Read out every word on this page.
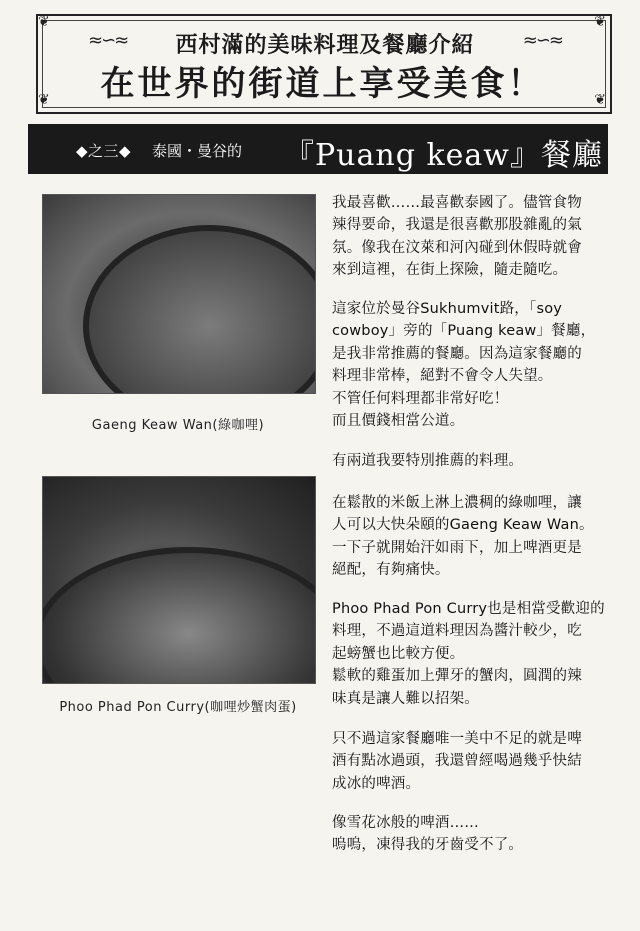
❦	❦
❦	❦
≈∽≈	≈∽≈
西村滿的美味料理及餐廳介紹
在世界的街道上享受美食！
◆之三◆ 泰國・曼谷的 『Puang keaw』餐廳
Gaeng Keaw Wan(綠咖哩)
Phoo Phad Pon Curry(咖哩炒蟹肉蛋)

我最喜歡……最喜歡泰國了。儘管食物

辣得要命，我還是很喜歡那股雜亂的氣

氛。像我在汶萊和河內碰到休假時就會

來到這裡，在街上探險，隨走隨吃。

這家位於曼谷Sukhumvit路，「soy

cowboy」旁的「Puang keaw」餐廳，

是我非常推薦的餐廳。因為這家餐廳的

料理非常棒，絕對不會令人失望。

不管任何料理都非常好吃！

而且價錢相當公道。

有兩道我要特別推薦的料理。

在鬆散的米飯上淋上濃稠的綠咖哩，讓

人可以大快朵頤的Gaeng Keaw Wan。

一下子就開始汗如雨下，加上啤酒更是

絕配，有夠痛快。

Phoo Phad Pon Curry也是相當受歡迎的

料理，不過這道料理因為醬汁較少，吃

起螃蟹也比較方便。

鬆軟的雞蛋加上彈牙的蟹肉，圓潤的辣

味真是讓人難以招架。

只不過這家餐廳唯一美中不足的就是啤

酒有點冰過頭，我還曾經喝過幾乎快結

成冰的啤酒。

像雪花冰般的啤酒……

嗚嗚，凍得我的牙齒受不了。
